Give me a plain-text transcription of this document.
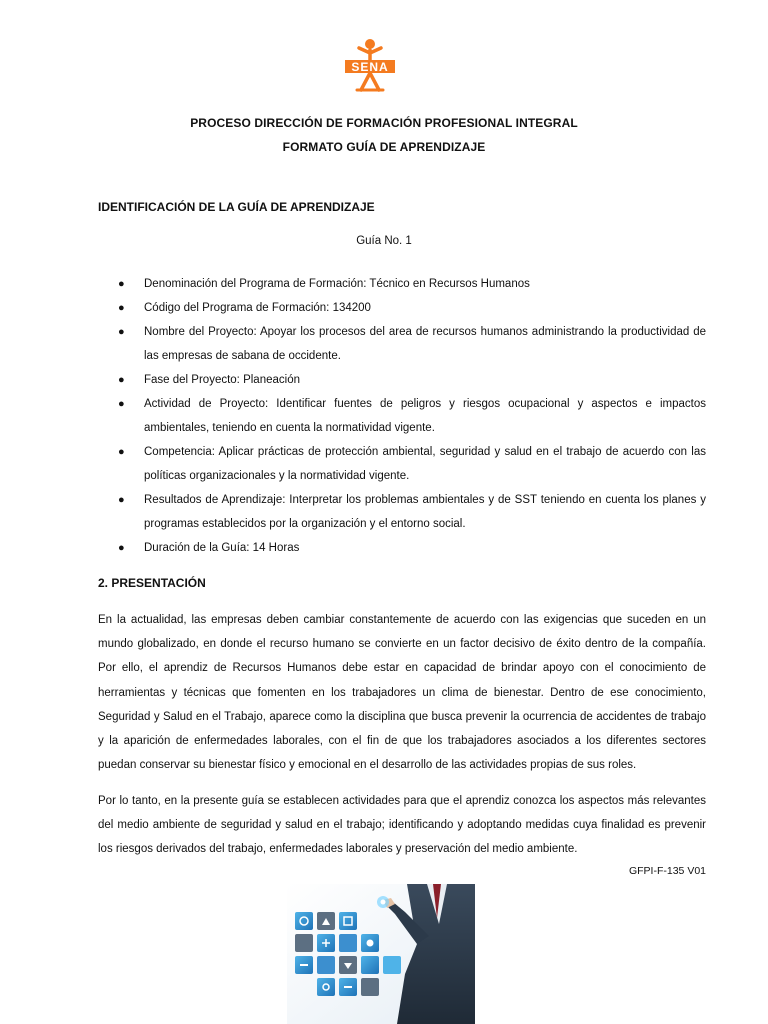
SENA
PROCESO DIRECCIÓN DE FORMACIÓN PROFESIONAL INTEGRAL
FORMATO GUÍA DE APRENDIZAJE
IDENTIFICACIÓN DE LA GUÍA DE APRENDIZAJE
Guía No. 1
● Denominación del Programa de Formación: Técnico en Recursos Humanos
● Código del Programa de Formación: 134200
● Nombre del Proyecto: Apoyar los procesos del area de recursos humanos administrando la productividad de las empresas de sabana de occidente.
● Fase del Proyecto: Planeación
● Actividad de Proyecto: Identificar fuentes de peligros y riesgos ocupacional y aspectos e impactos ambientales, teniendo en cuenta la normatividad vigente.
● Competencia: Aplicar prácticas de protección ambiental, seguridad y salud en el trabajo de acuerdo con las políticas organizacionales y la normatividad vigente.
● Resultados de Aprendizaje: Interpretar los problemas ambientales y de SST teniendo en cuenta los planes y programas establecidos por la organización y el entorno social.
● Duración de la Guía: 14 Horas
2. PRESENTACIÓN

En la actualidad, las empresas deben cambiar constantemente de acuerdo con las exigencias que suceden en un mundo globalizado, en donde el recurso humano se convierte en un factor decisivo de éxito dentro de la compañía. Por ello, el aprendiz de Recursos Humanos debe estar en capacidad de brindar apoyo con el conocimiento de herramientas y técnicas que fomenten en los trabajadores un clima de bienestar. Dentro de ese conocimiento, Seguridad y Salud en el Trabajo, aparece como la disciplina que busca prevenir la ocurrencia de accidentes de trabajo y la aparición de enfermedades laborales, con el fin de que los trabajadores asociados a los diferentes sectores puedan conservar su bienestar físico y emocional en el desarrollo de las actividades propias de sus roles.

Por lo tanto, en la presente guía se establecen actividades para que el aprendiz conozca los aspectos más relevantes del medio ambiente de seguridad y salud en el trabajo; identificando y adoptando medidas cuya finalidad es prevenir los riesgos derivados del trabajo, enfermedades laborales y preservación del medio ambiente.

GFPI-F-135 V01
